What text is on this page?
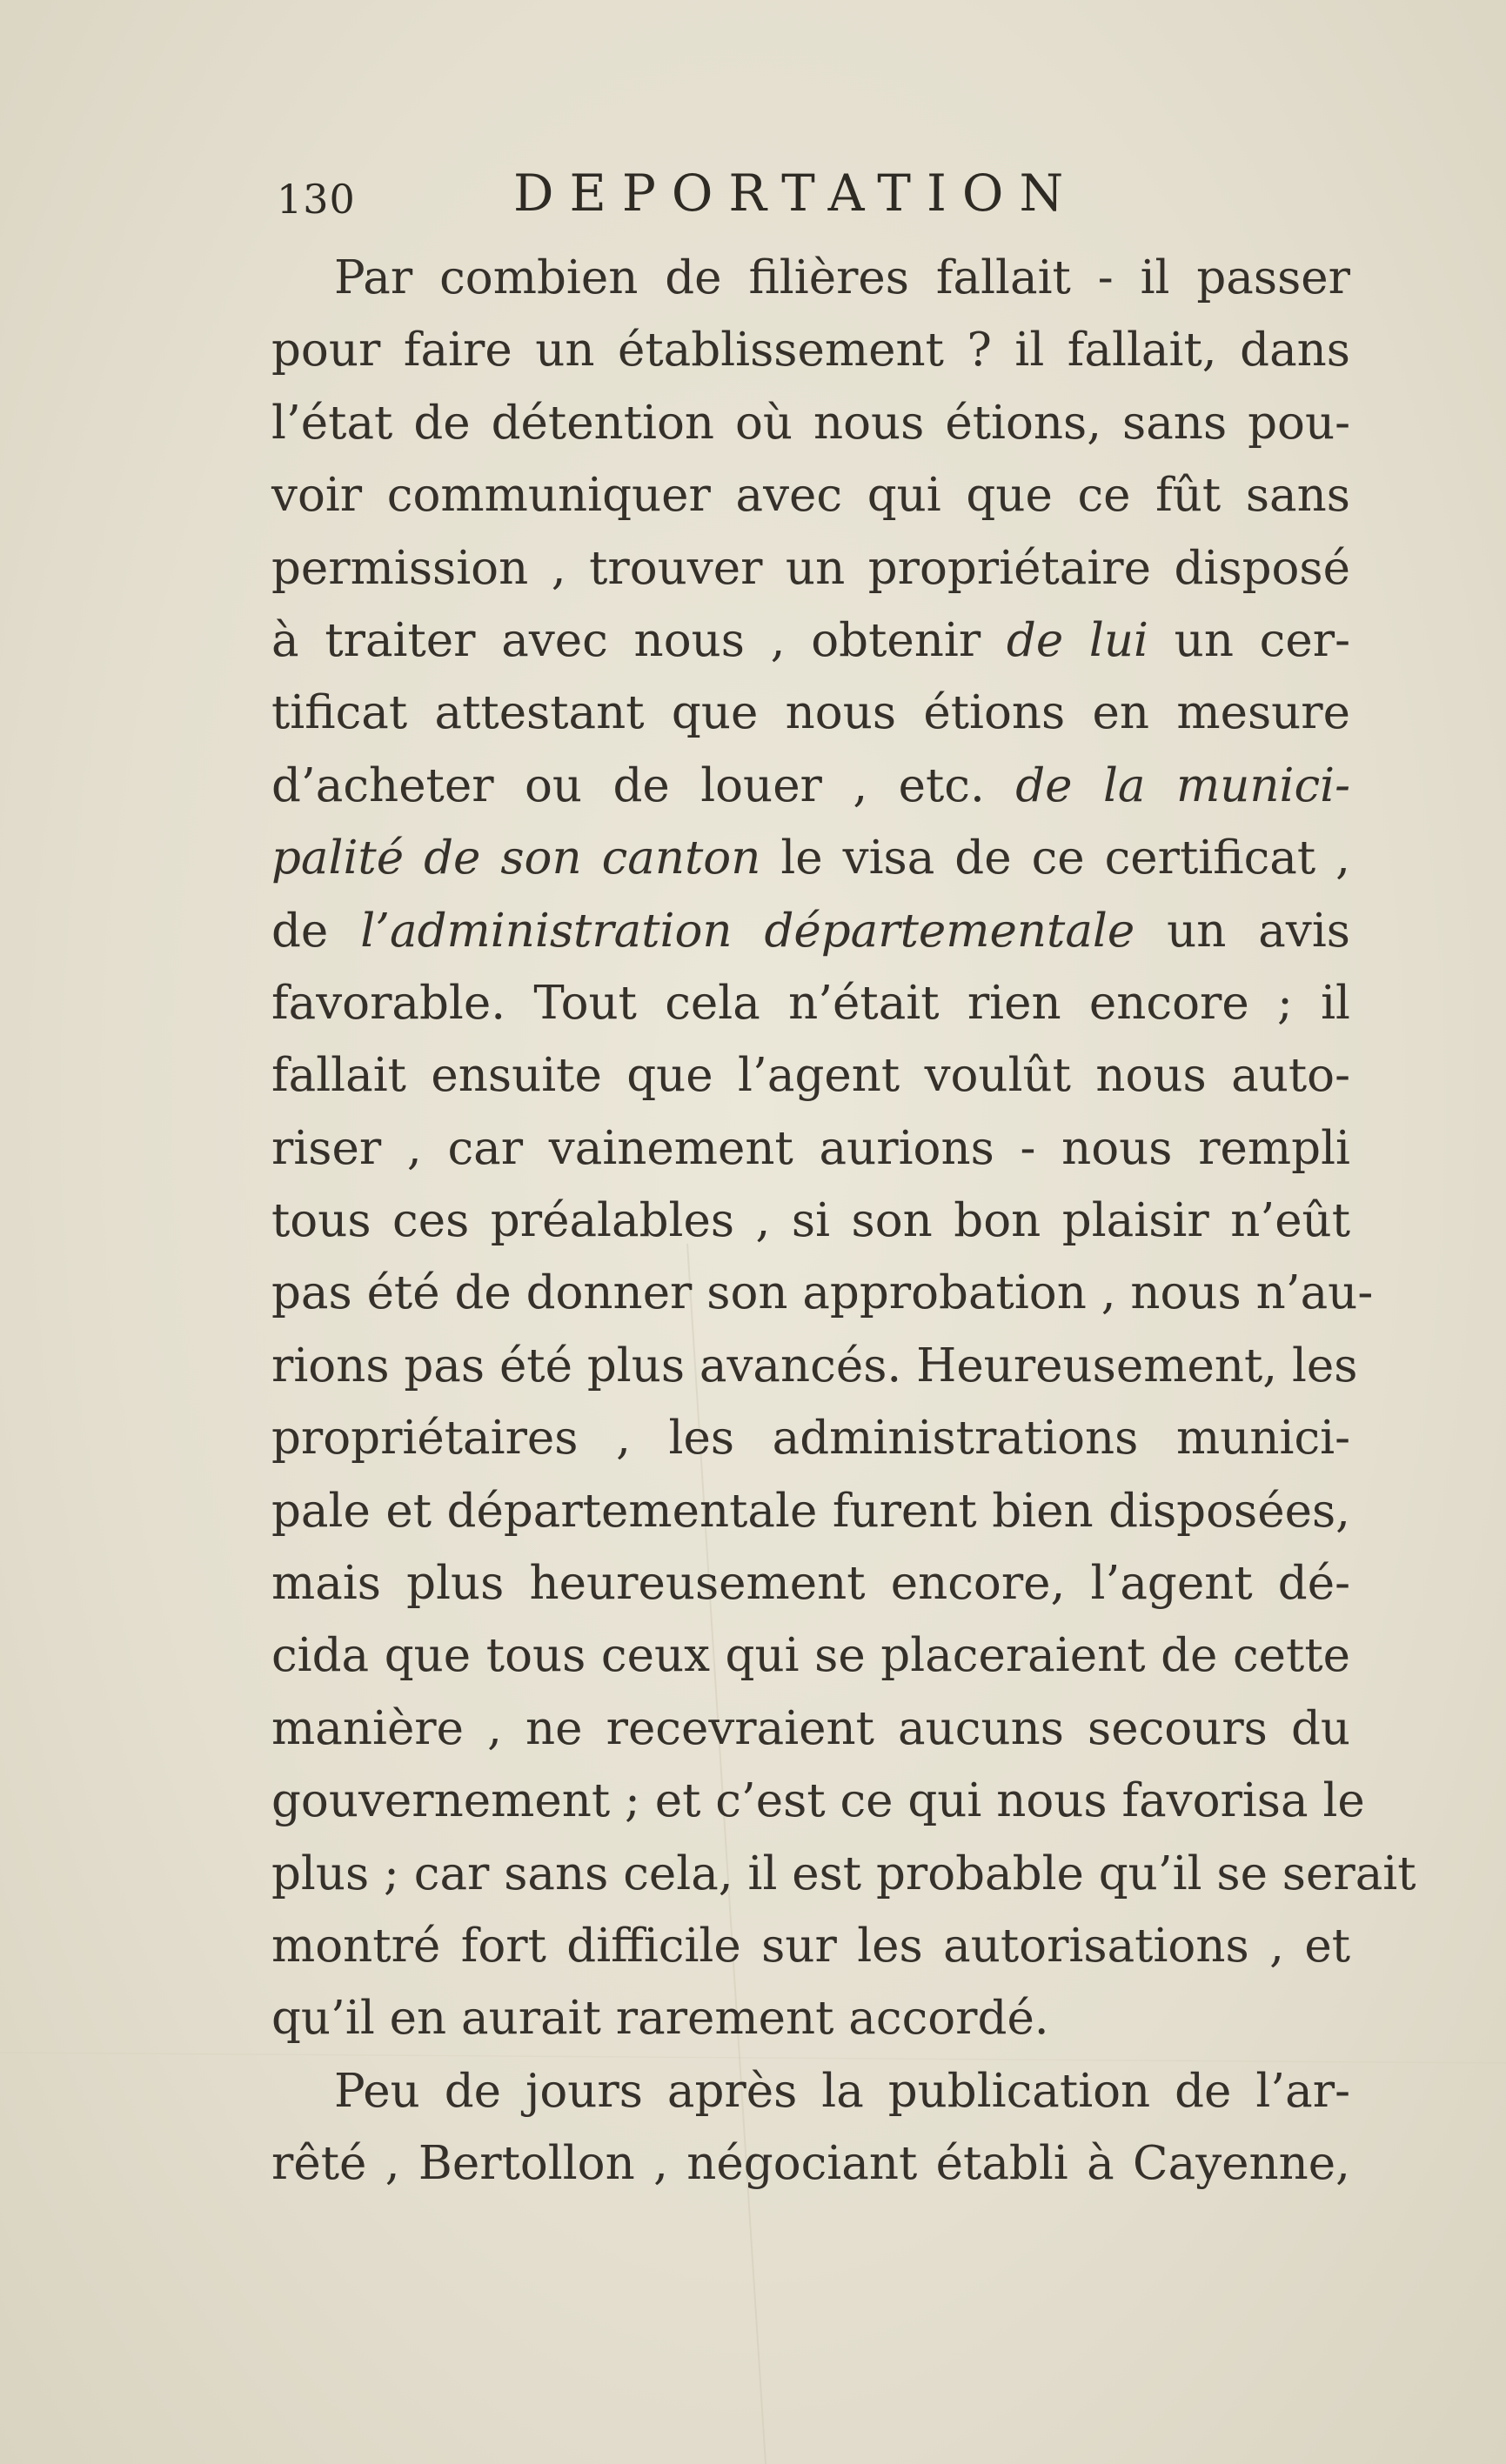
130	DEPORTATION
Par combien de filières fallait - il passer
pour faire un établissement ? il fallait, dans
l’état de détention où nous étions, sans pou-
voir communiquer avec qui que ce fût sans
permission , trouver un propriétaire disposé
à traiter avec nous , obtenir de lui un cer-
tificat attestant que nous étions en mesure
d’acheter ou de louer , etc. de la munici-
palité de son canton le visa de ce certificat ,
de l’administration départementale un avis
favorable. Tout cela n’était rien encore ; il
fallait ensuite que l’agent voulût nous auto-
riser , car vainement aurions - nous rempli
tous ces préalables , si son bon plaisir n’eût
pas été de donner son approbation , nous n’au-
rions pas été plus avancés. Heureusement, les
propriétaires , les administrations munici-
pale et départementale furent bien disposées,
mais plus heureusement encore, l’agent dé-
cida que tous ceux qui se placeraient de cette
manière , ne recevraient aucuns secours du
gouvernement ; et c’est ce qui nous favorisa le
plus ; car sans cela, il est probable qu’il se serait
montré fort difficile sur les autorisations , et
qu’il en aurait rarement accordé.
Peu de jours après la publication de l’ar-
rêté , Bertollon , négociant établi à Cayenne,
